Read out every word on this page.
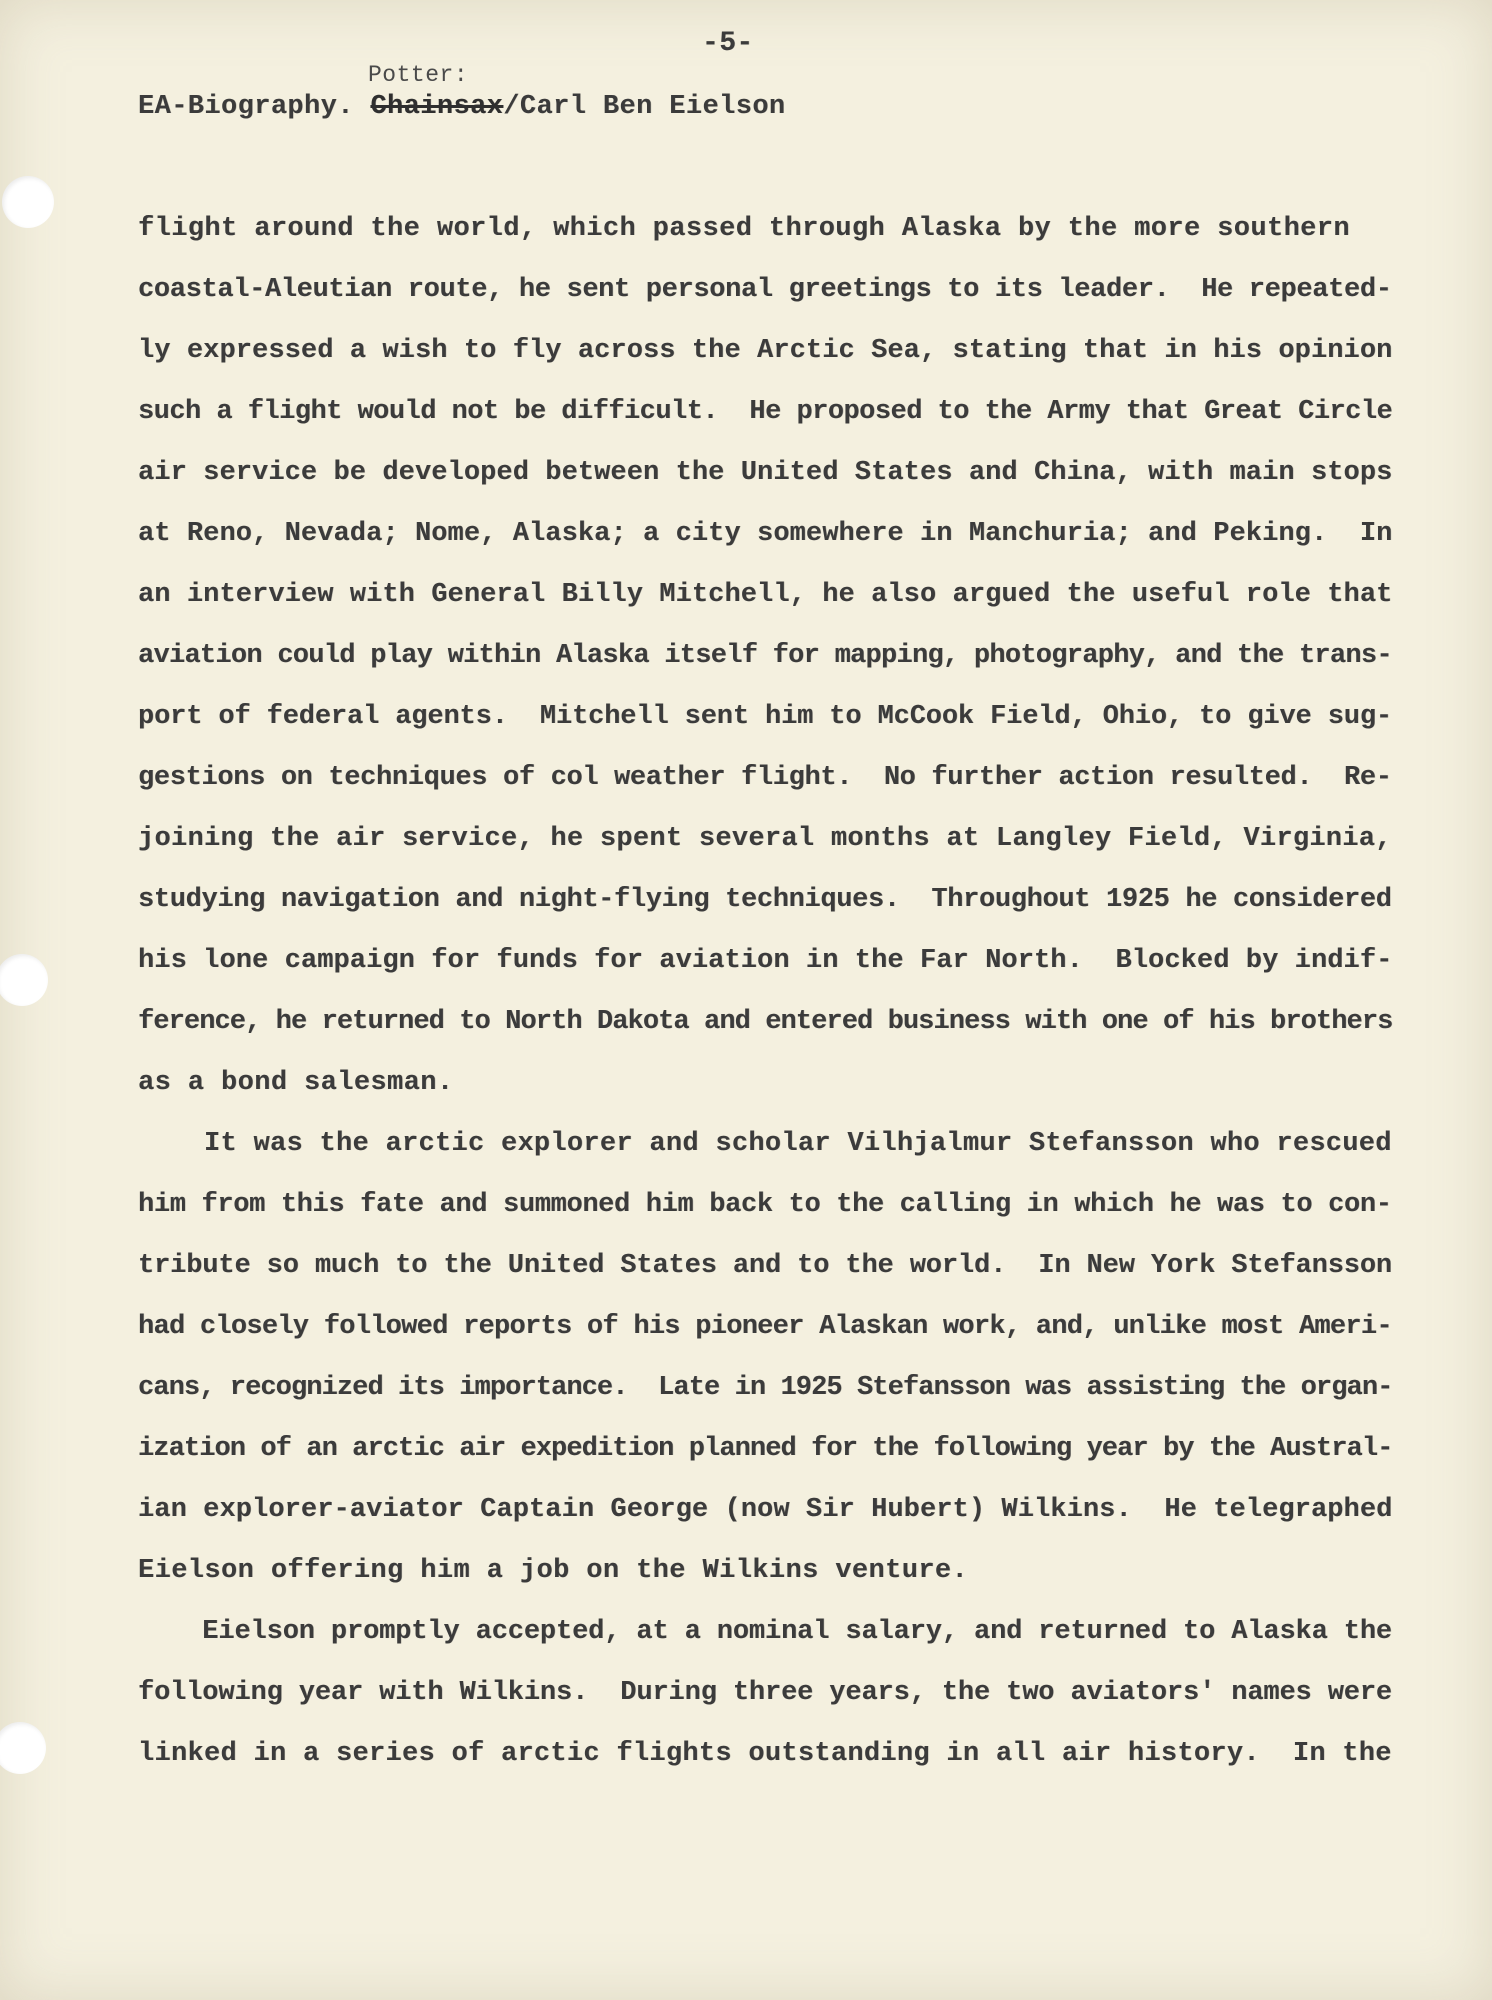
-5-
Potter:
EA-Biography. Chainsax/Carl Ben Eielson
flight around the world, which passed through Alaska by the more southern
coastal-Aleutian route, he sent personal greetings to its leader.  He repeated-
ly expressed a wish to fly across the Arctic Sea, stating that in his opinion
such a flight would not be difficult.  He proposed to the Army that Great Circle
air service be developed between the United States and China, with main stops
at Reno, Nevada; Nome, Alaska; a city somewhere in Manchuria; and Peking.  In
an interview with General Billy Mitchell, he also argued the useful role that
aviation could play within Alaska itself for mapping, photography, and the trans-
port of federal agents.  Mitchell sent him to McCook Field, Ohio, to give sug-
gestions on techniques of col weather flight.  No further action resulted.  Re-
joining the air service, he spent several months at Langley Field, Virginia,
studying navigation and night-flying techniques.  Throughout 1925 he considered
his lone campaign for funds for aviation in the Far North.  Blocked by indif-
ference, he returned to North Dakota and entered business with one of his brothers
as a bond salesman.
It was the arctic explorer and scholar Vilhjalmur Stefansson who rescued
him from this fate and summoned him back to the calling in which he was to con-
tribute so much to the United States and to the world.  In New York Stefansson
had closely followed reports of his pioneer Alaskan work, and, unlike most Ameri-
cans, recognized its importance.  Late in 1925 Stefansson was assisting the organ-
ization of an arctic air expedition planned for the following year by the Austral-
ian explorer-aviator Captain George (now Sir Hubert) Wilkins.  He telegraphed
Eielson offering him a job on the Wilkins venture.
Eielson promptly accepted, at a nominal salary, and returned to Alaska the
following year with Wilkins.  During three years, the two aviators' names were
linked in a series of arctic flights outstanding in all air history.  In the
